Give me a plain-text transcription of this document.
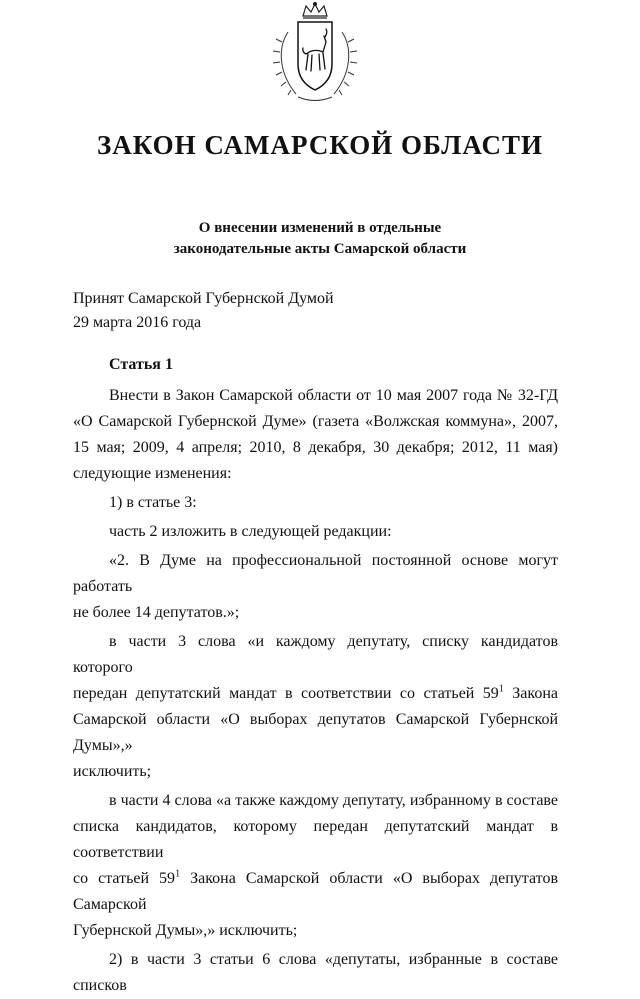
ЗАКОН САМАРСКОЙ ОБЛАСТИ
О внесении изменений в отдельные
законодательные акты Самарской области
Принят Самарской Губернской Думой
29 марта 2016 года
Статья 1
Внести в Закон Самарской области от 10 мая 2007 года № 32-ГД
«О Самарской Губернской Думе» (газета «Волжская коммуна», 2007,
15 мая; 2009, 4 апреля; 2010, 8 декабря, 30 декабря; 2012, 11 мая)
следующие изменения:
1) в статье 3:
часть 2 изложить в следующей редакции:
«2. В Думе на профессиональной постоянной основе могут работать
не более 14 депутатов.»;
в части 3 слова «и каждому депутату, списку кандидатов которого
передан депутатский мандат в соответствии со статьей $59^1$ Закона
Самарской области «О выборах депутатов Самарской Губернской Думы»,»
исключить;
в части 4 слова «а также каждому депутату, избранному в составе
списка кандидатов, которому передан депутатский мандат в соответствии
со статьей $59^1$ Закона Самарской области «О выборах депутатов Самарской
Губернской Думы»,» исключить;
2) в части 3 статьи 6 слова «депутаты, избранные в составе списков
